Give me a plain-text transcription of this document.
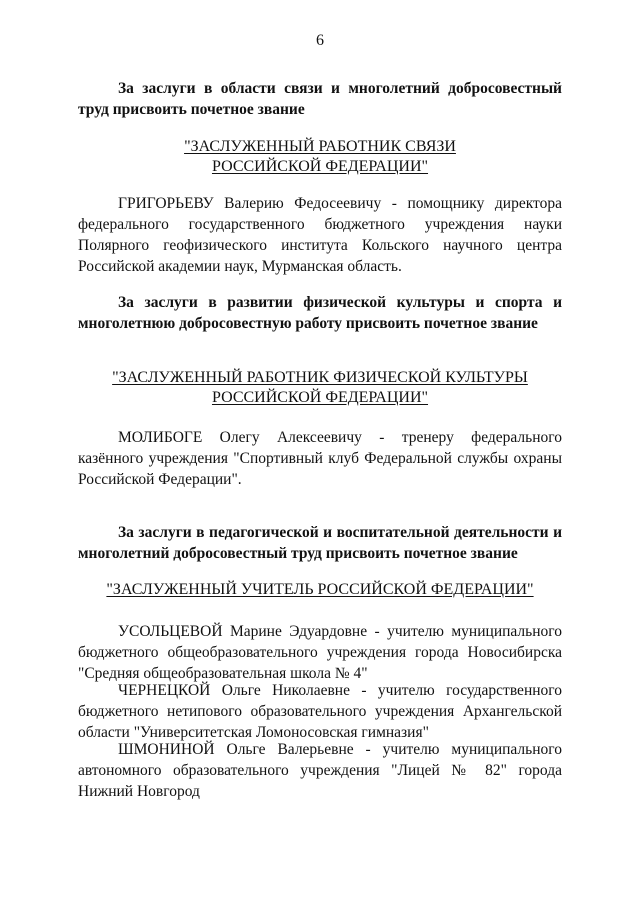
6
За заслуги в области связи и многолетний добросовестный труд присвоить почетное звание
"ЗАСЛУЖЕННЫЙ РАБОТНИК СВЯЗИ
РОССИЙСКОЙ ФЕДЕРАЦИИ"
ГРИГОРЬЕВУ Валерию Федосеевичу - помощнику директора федерального государственного бюджетного учреждения науки Полярного геофизического института Кольского научного центра Российской академии наук, Мурманская область.
За заслуги в развитии физической культуры и спорта и многолетнюю добросовестную работу присвоить почетное звание
"ЗАСЛУЖЕННЫЙ РАБОТНИК ФИЗИЧЕСКОЙ КУЛЬТУРЫ
РОССИЙСКОЙ ФЕДЕРАЦИИ"
МОЛИБОГЕ Олегу Алексеевичу - тренеру федерального казённого учреждения "Спортивный клуб Федеральной службы охраны Российской Федерации".
За заслуги в педагогической и воспитательной деятельности и многолетний добросовестный труд присвоить почетное звание
"ЗАСЛУЖЕННЫЙ УЧИТЕЛЬ РОССИЙСКОЙ ФЕДЕРАЦИИ"
УСОЛЬЦЕВОЙ Марине Эдуардовне - учителю муниципального бюджетного общеобразовательного учреждения города Новосибирска "Средняя общеобразовательная школа № 4"
ЧЕРНЕЦКОЙ Ольге Николаевне - учителю государственного бюджетного нетипового образовательного учреждения Архангельской области "Университетская Ломоносовская гимназия"
ШМОНИНОЙ Ольге Валерьевне - учителю муниципального автономного образовательного учреждения "Лицей № 82" города Нижний Новгород
